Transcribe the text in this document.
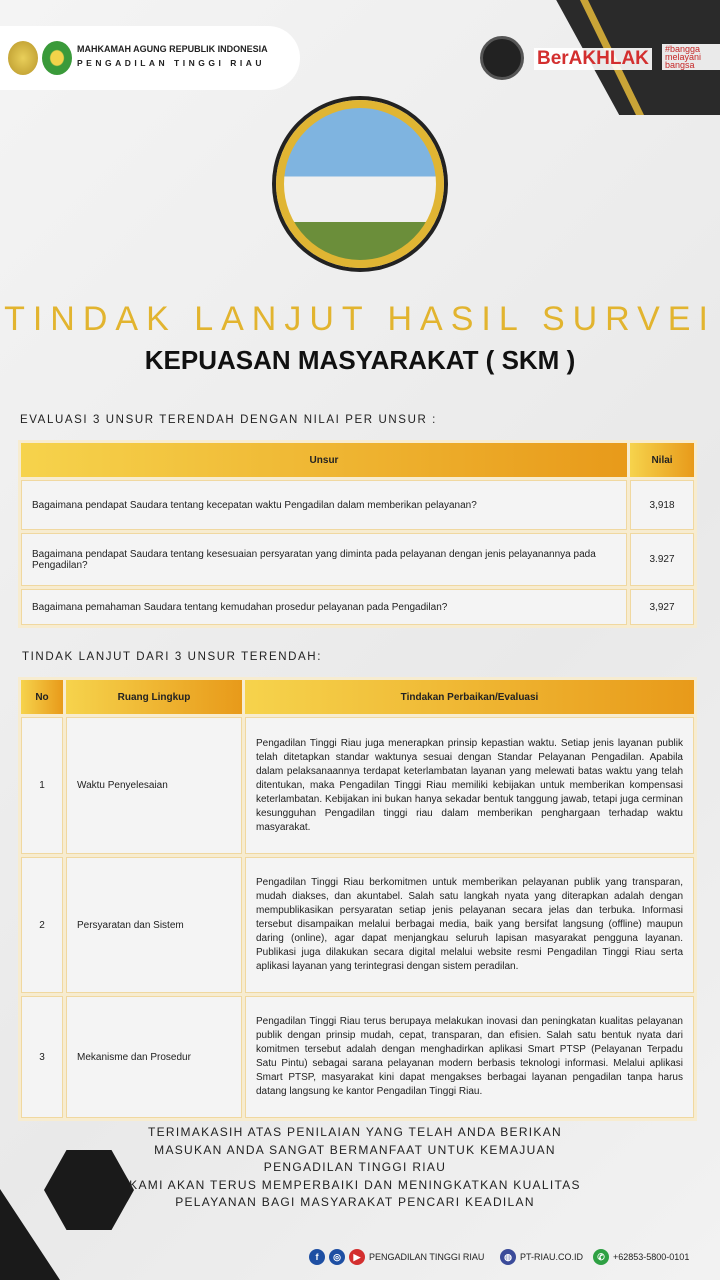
MAHKAMAH AGUNG REPUBLIK INDONESIA
PENGADILAN TINGGI RIAU	BerAKHLAK	#bangga
melayani
bangsa
TINDAK LANJUT HASIL SURVEI
KEPUASAN MASYARAKAT ( SKM )
EVALUASI 3 UNSUR TERENDAH DENGAN NILAI PER UNSUR :
Unsur	Nilai
Bagaimana pendapat Saudara tentang kecepatan waktu Pengadilan dalam memberikan pelayanan?	3,918
Bagaimana pendapat Saudara tentang kesesuaian persyaratan yang diminta pada pelayanan dengan jenis pelayanannya pada Pengadilan?	3.927
Bagaimana pemahaman Saudara tentang kemudahan prosedur pelayanan pada Pengadilan?	3,927
TINDAK LANJUT DARI 3 UNSUR TERENDAH:
No	Ruang Lingkup	Tindakan Perbaikan/Evaluasi
1	Waktu Penyelesaian	Pengadilan Tinggi Riau juga menerapkan prinsip kepastian waktu. Setiap jenis layanan publik telah ditetapkan standar waktunya sesuai dengan Standar Pelayanan Pengadilan. Apabila dalam pelaksanaannya terdapat keterlambatan layanan yang melewati batas waktu yang telah ditentukan, maka Pengadilan Tinggi Riau memiliki kebijakan untuk memberikan kompensasi keterlambatan. Kebijakan ini bukan hanya sekadar bentuk tanggung jawab, tetapi juga cerminan kesungguhan Pengadilan tinggi riau dalam memberikan penghargaan terhadap waktu masyarakat.
2	Persyaratan dan Sistem	Pengadilan Tinggi Riau berkomitmen untuk memberikan pelayanan publik yang transparan, mudah diakses, dan akuntabel. Salah satu langkah nyata yang diterapkan adalah dengan mempublikasikan persyaratan setiap jenis pelayanan secara jelas dan terbuka. Informasi tersebut disampaikan melalui berbagai media, baik yang bersifat langsung (offline) maupun daring (online), agar dapat menjangkau seluruh lapisan masyarakat pengguna layanan. Publikasi juga dilakukan secara digital melalui website resmi Pengadilan Tinggi Riau serta aplikasi layanan yang terintegrasi dengan sistem peradilan.
3	Mekanisme dan Prosedur	Pengadilan Tinggi Riau terus berupaya melakukan inovasi dan peningkatan kualitas pelayanan publik dengan prinsip mudah, cepat, transparan, dan efisien. Salah satu bentuk nyata dari komitmen tersebut adalah dengan menghadirkan aplikasi Smart PTSP (Pelayanan Terpadu Satu Pintu) sebagai sarana pelayanan modern berbasis teknologi informasi. Melalui aplikasi Smart PTSP, masyarakat kini dapat mengakses berbagai layanan pengadilan tanpa harus datang langsung ke kantor Pengadilan Tinggi Riau.
TERIMAKASIH ATAS PENILAIAN YANG TELAH ANDA BERIKAN
MASUKAN ANDA SANGAT BERMANFAAT UNTUK KEMAJUAN
PENGADILAN TINGGI RIAU
KAMI AKAN TERUS MEMPERBAIKI DAN MENINGKATKAN KUALITAS
PELAYANAN BAGI MASYARAKAT PENCARI KEADILAN
f	◎	▶ PENGADILAN TINGGI RIAU	◍ PT-RIAU.CO.ID	✆ +62853-5800-0101
